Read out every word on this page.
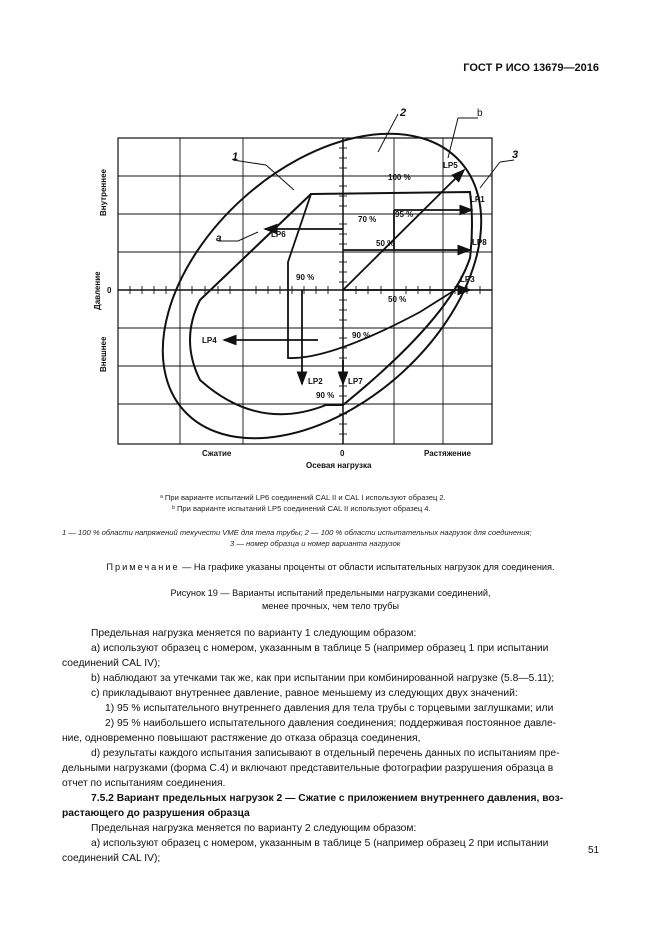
ГОСТ Р ИСО 13679—2016
1
2
3
a
b
Внутреннее
Давление
Внешнее
0
Сжатие	0	Растяжение
Осевая нагрузка
100 %
70 %
95 %
50 %
90 %
50 %
90 %
90 %
LP5
LP1
LP6
LP8
LP3
LP4
LP2	LP7
ᵃ При варианте испытаний LP6 соединений CAL II и CAL I используют образец 2.
ᵇ При варианте испытаний LP5 соединений CAL II используют образец 4.
1 — 100 % области напряжений текучести VME для тела трубы; 2 — 100 % области испытательных нагрузок для соединения;
3 — номер образца и номер варианта нагрузок
Примечание — На графике указаны проценты от области испытательных нагрузок для соединения.
Рисунок 19 — Варианты испытаний предельными нагрузками соединений,
менее прочных, чем тело трубы

Предельная нагрузка меняется по варианту 1 следующим образом:

а) используют образец с номером, указанным в таблице 5 (например образец 1 при испытании

соединений CAL IV);

b) наблюдают за утечками так же, как при испытании при комбинированной нагрузке (5.8—5.11);

с) прикладывают внутреннее давление, равное меньшему из следующих двух значений:

1) 95 % испытательного внутреннего давления для тела трубы с торцевыми заглушками; или

2) 95 % наибольшего испытательного давления соединения; поддерживая постоянное давле-

ние, одновременно повышают растяжение до отказа образца соединения,

d) результаты каждого испытания записывают в отдельный перечень данных по испытаниям пре-

дельными нагрузками (форма С.4) и включают представительные фотографии разрушения образца в

отчет по испытаниям соединения.

7.5.2 Вариант предельных нагрузок 2 — Сжатие с приложением внутреннего давления, воз-

растающего до разрушения образца

Предельная нагрузка меняется по варианту 2 следующим образом:

а) используют образец с номером, указанным в таблице 5 (например образец 2 при испытании

соединений CAL IV);

51
